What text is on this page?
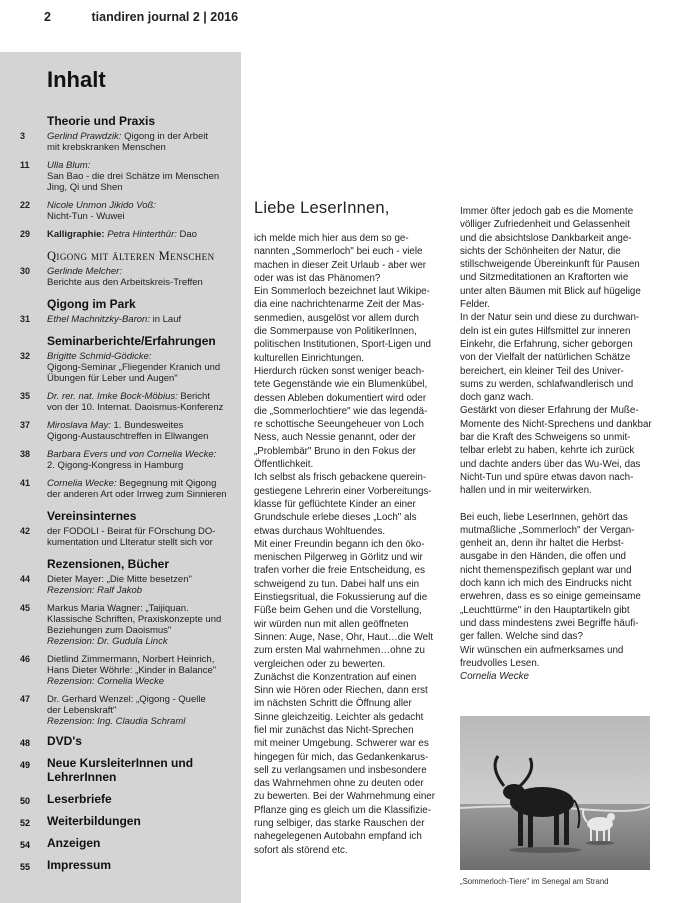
2	tiandiren journal 2 | 2016
Inhalt
Theorie und Praxis
3	Gerlind Prawdzik: Qigong in der Arbeit
mit krebskranken Menschen
11	Ulla Blum:
San Bao - die drei Schätze im Menschen
Jing, Qi und Shen
22	Nicole Unmon Jikido Voß:
Nicht-Tun - Wuwei
29	Kalligraphie: Petra Hinterthür: Dao
Qigong mit älteren Menschen
30	Gerlinde Melcher:
Berichte aus den Arbeitskreis-Treffen
Qigong im Park
31	Ethel Machnitzky-Baron: in Lauf
Seminarberichte/Erfahrungen
32	Brigitte Schmid-Gödicke:
Qigong-Seminar „Fliegender Kranich und
Übungen für Leber und Augen"
35	Dr. rer. nat. Imke Bock-Möbius: Bericht
von der 10. Internat. Daoismus-Konferenz
37	Miroslava May: 1. Bundesweites
Qigong-Austauschtreffen in Ellwangen
38	Barbara Evers und von Cornelia Wecke:
2. Qigong-Kongress in Hamburg
41	Cornelia Wecke: Begegnung mit Qigong
der anderen Art oder Irrweg zum Sinnieren
Vereinsinternes
42	der FODOLI - Beirat für FOrschung DO-
kumentation und LIteratur stellt sich vor
Rezensionen, Bücher
44	Dieter Mayer: „Die Mitte besetzen"
Rezension: Ralf Jakob
45	Markus Maria Wagner: „Taijiquan.
Klassische Schriften, Praxiskonzepte und
Beziehungen zum Daoismus"
Rezension: Dr. Gudula Linck
46	Dietlind Zimmermann, Norbert Heinrich,
Hans Dieter Wöhrle: „Kinder in Balance"
Rezension: Cornelia Wecke
47	Dr. Gerhard Wenzel: „Qigong - Quelle
der Lebenskraft"
Rezension: Ing. Claudia Schraml
48	DVD's
49	Neue KursleiterInnen und
LehrerInnen
50	Leserbriefe
52	Weiterbildungen
54	Anzeigen
55	Impressum
Liebe LeserInnen,
ich melde mich hier aus dem so ge-
nannten „Sommerloch" bei euch - viele
machen in dieser Zeit Urlaub - aber wer
oder was ist das Phänomen?
Ein Sommerloch bezeichnet laut Wikipe-
dia eine nachrichtenarme Zeit der Mas-
senmedien, ausgelöst vor allem durch
die Sommerpause von PolitikerInnen,
politischen Institutionen, Sport-Ligen und
kulturellen Einrichtungen.
Hierdurch rücken sonst weniger beach-
tete Gegenstände wie ein Blumenkübel,
dessen Ableben dokumentiert wird oder
die „Sommerlochtiere" wie das legendä-
re schottische Seeungeheuer von Loch
Ness, auch Nessie genannt, oder der
„Problembär" Bruno in den Fokus der
Öffentlichkeit.
Ich selbst als frisch gebackene querein-
gestiegene Lehrerin einer Vorbereitungs-
klasse für geflüchtete Kinder an einer
Grundschule erlebe dieses „Loch" als
etwas durchaus Wohltuendes.
Mit einer Freundin begann ich den öko-
menischen Pilgerweg in Görlitz und wir
trafen vorher die freie Entscheidung, es
schweigend zu tun. Dabei half uns ein
Einstiegsritual, die Fokussierung auf die
Füße beim Gehen und die Vorstellung,
wir würden nun mit allen geöffneten
Sinnen: Auge, Nase, Ohr, Haut…die Welt
zum ersten Mal wahrnehmen…ohne zu
vergleichen oder zu bewerten.
Zunächst die Konzentration auf einen
Sinn wie Hören oder Riechen, dann erst
im nächsten Schritt die Öffnung aller
Sinne gleichzeitig. Leichter als gedacht
fiel mir zunächst das Nicht-Sprechen
mit meiner Umgebung. Schwerer war es
hingegen für mich, das Gedankenkarus-
sell zu verlangsamen und insbesondere
das Wahrnehmen ohne zu deuten oder
zu bewerten. Bei der Wahrnehmung einer
Pflanze ging es gleich um die Klassifizie-
rung selbiger, das starke Rauschen der
nahegelegenen Autobahn empfand ich
sofort als störend etc.
Immer öfter jedoch gab es die Momente
völliger Zufriedenheit und Gelassenheit
und die absichtslose Dankbarkeit ange-
sichts der Schönheiten der Natur, die
stillschweigende Übereinkunft für Pausen
und Sitzmeditationen an Kraftorten wie
unter alten Bäumen mit Blick auf hügelige
Felder.
In der Natur sein und diese zu durchwan-
deln ist ein gutes Hilfsmittel zur inneren
Einkehr, die Erfahrung, sicher geborgen
von der Vielfalt der natürlichen Schätze
bereichert, ein kleiner Teil des Univer-
sums zu werden, schlafwandlerisch und
doch ganz wach.
Gestärkt von dieser Erfahrung der Muße-
Momente des Nicht-Sprechens und dankbar
bar die Kraft des Schweigens so unmit-
telbar erlebt zu haben, kehrte ich zurück
und dachte anders über das Wu-Wei, das
Nicht-Tun und spüre etwas davon nach-
hallen und in mir weiterwirken.
Bei euch, liebe LeserInnen, gehört das
mutmaßliche „Sommerloch" der Vergan-
genheit an, denn ihr haltet die Herbst-
ausgabe in den Händen, die offen und
nicht themenspezifisch geplant war und
doch kann ich mich des Eindrucks nicht
erwehren, dass es so einige gemeinsame
„Leuchttürme" in den Hauptartikeln gibt
und dass mindestens zwei Begriffe häufi-
ger fallen. Welche sind das?
Wir wünschen ein aufmerksames und
freudvolles Lesen.
Cornelia Wecke
„Sommerloch-Tiere" im Senegal am Strand
